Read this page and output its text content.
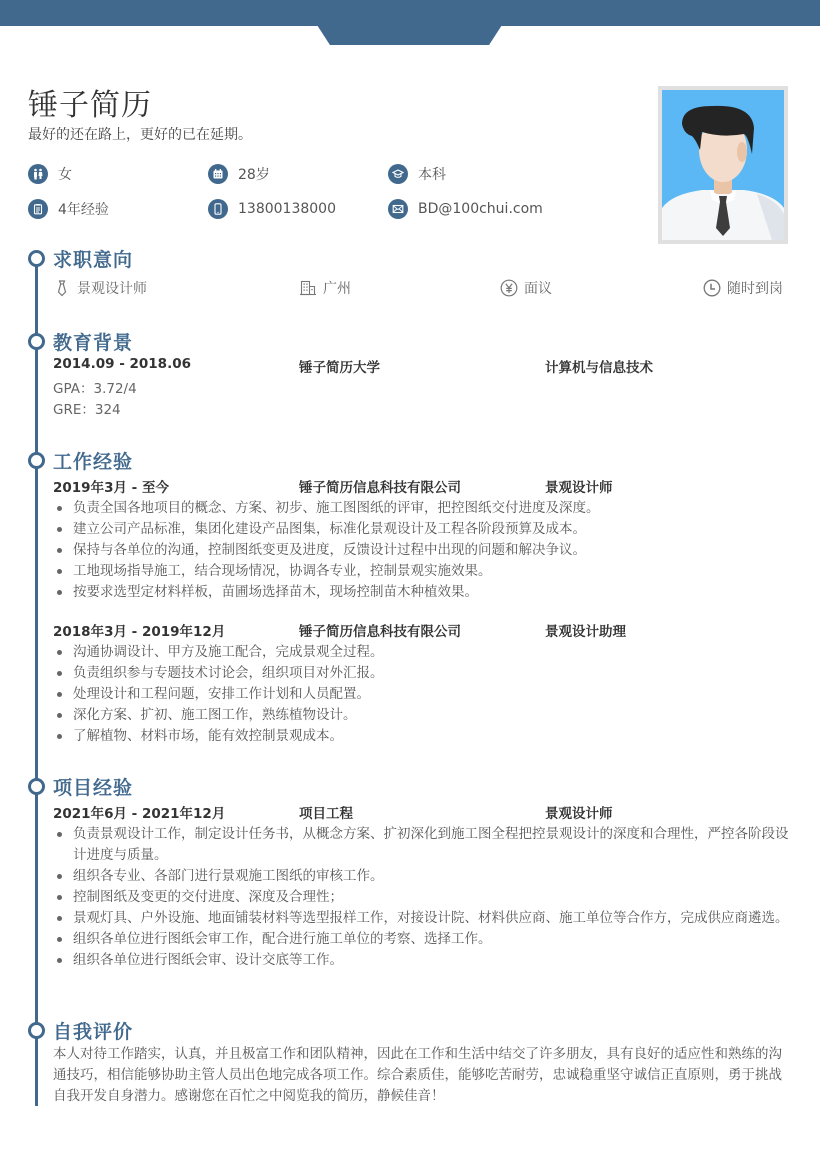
锤子简历
最好的还在路上，更好的已在延期。
女	28岁	本科
4年经验	13800138000	BD@100chui.com
求职意向
景观设计师	广州	面议	随时到岗
教育背景
2014.09 - 2018.06	锤子简历大学	计算机与信息技术
GPA：3.72/4
GRE：324
工作经验
2019年3月 - 至今	锤子简历信息科技有限公司	景观设计师
负责全国各地项目的概念、方案、初步、施工图图纸的评审，把控图纸交付进度及深度。
建立公司产品标准，集团化建设产品图集，标准化景观设计及工程各阶段预算及成本。
保持与各单位的沟通，控制图纸变更及进度，反馈设计过程中出现的问题和解决争议。
工地现场指导施工，结合现场情况，协调各专业，控制景观实施效果。
按要求选型定材料样板，苗圃场选择苗木，现场控制苗木种植效果。
2018年3月 - 2019年12月	锤子简历信息科技有限公司	景观设计助理
沟通协调设计、甲方及施工配合，完成景观全过程。
负责组织参与专题技术讨论会，组织项目对外汇报。
处理设计和工程问题，安排工作计划和人员配置。
深化方案、扩初、施工图工作，熟练植物设计。
了解植物、材料市场，能有效控制景观成本。
项目经验
2021年6月 - 2021年12月	项目工程	景观设计师
负责景观设计工作，制定设计任务书，从概念方案、扩初深化到施工图全程把控景观设计的深度和合理性，严控各阶段设计进度与质量。
组织各专业、各部门进行景观施工图纸的审核工作。
控制图纸及变更的交付进度、深度及合理性；
景观灯具、户外设施、地面铺装材料等选型报样工作，对接设计院、材料供应商、施工单位等合作方，完成供应商遴选。
组织各单位进行图纸会审工作，配合进行施工单位的考察、选择工作。
组织各单位进行图纸会审、设计交底等工作。
自我评价
本人对待工作踏实，认真，并且极富工作和团队精神，因此在工作和生活中结交了许多朋友，具有良好的适应性和熟练的沟通技巧，相信能够协助主管人员出色地完成各项工作。综合素质佳，能够吃苦耐劳，忠诚稳重坚守诚信正直原则，勇于挑战自我开发自身潜力。感谢您在百忙之中阅览我的简历，静候佳音！
